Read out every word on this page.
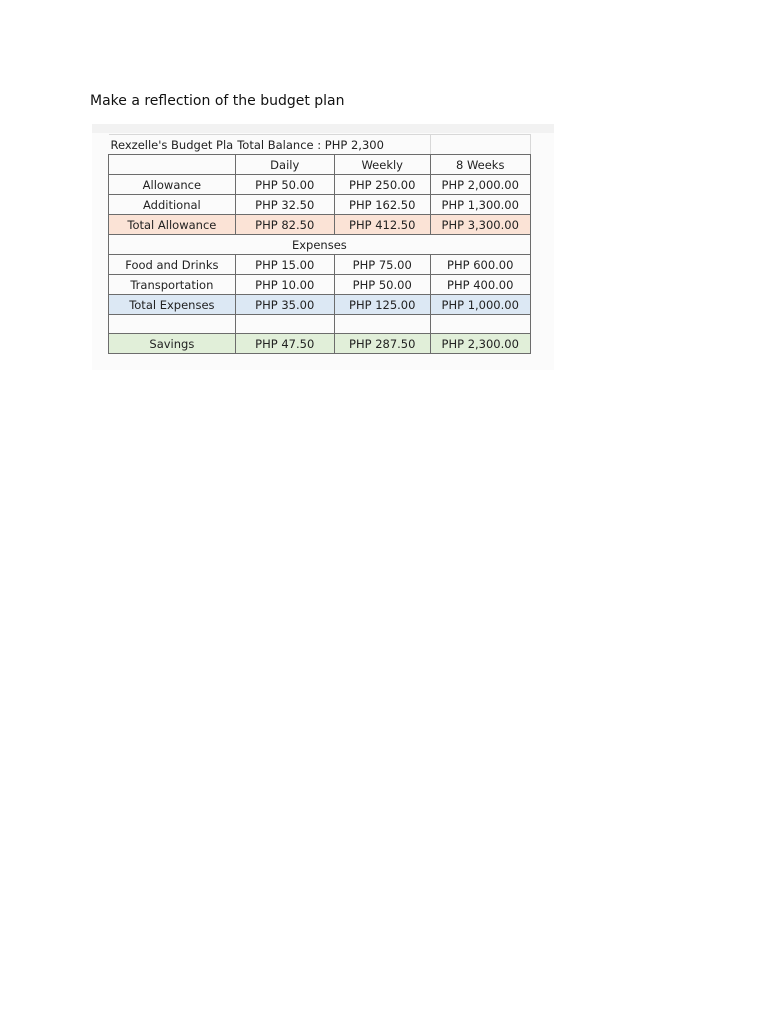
Make a reflection of the budget plan
Rexzelle's Budget Pla	Total Balance : PHP 2,300		
	Daily	Weekly	8 Weeks
Allowance	PHP 50.00	PHP 250.00	PHP 2,000.00
Additional	PHP 32.50	PHP 162.50	PHP 1,300.00
Total Allowance	PHP 82.50	PHP 412.50	PHP 3,300.00
Expenses			
Food and Drinks	PHP 15.00	PHP 75.00	PHP 600.00
Transportation	PHP 10.00	PHP 50.00	PHP 400.00
Total Expenses	PHP 35.00	PHP 125.00	PHP 1,000.00

Savings	PHP 47.50	PHP 287.50	PHP 2,300.00
